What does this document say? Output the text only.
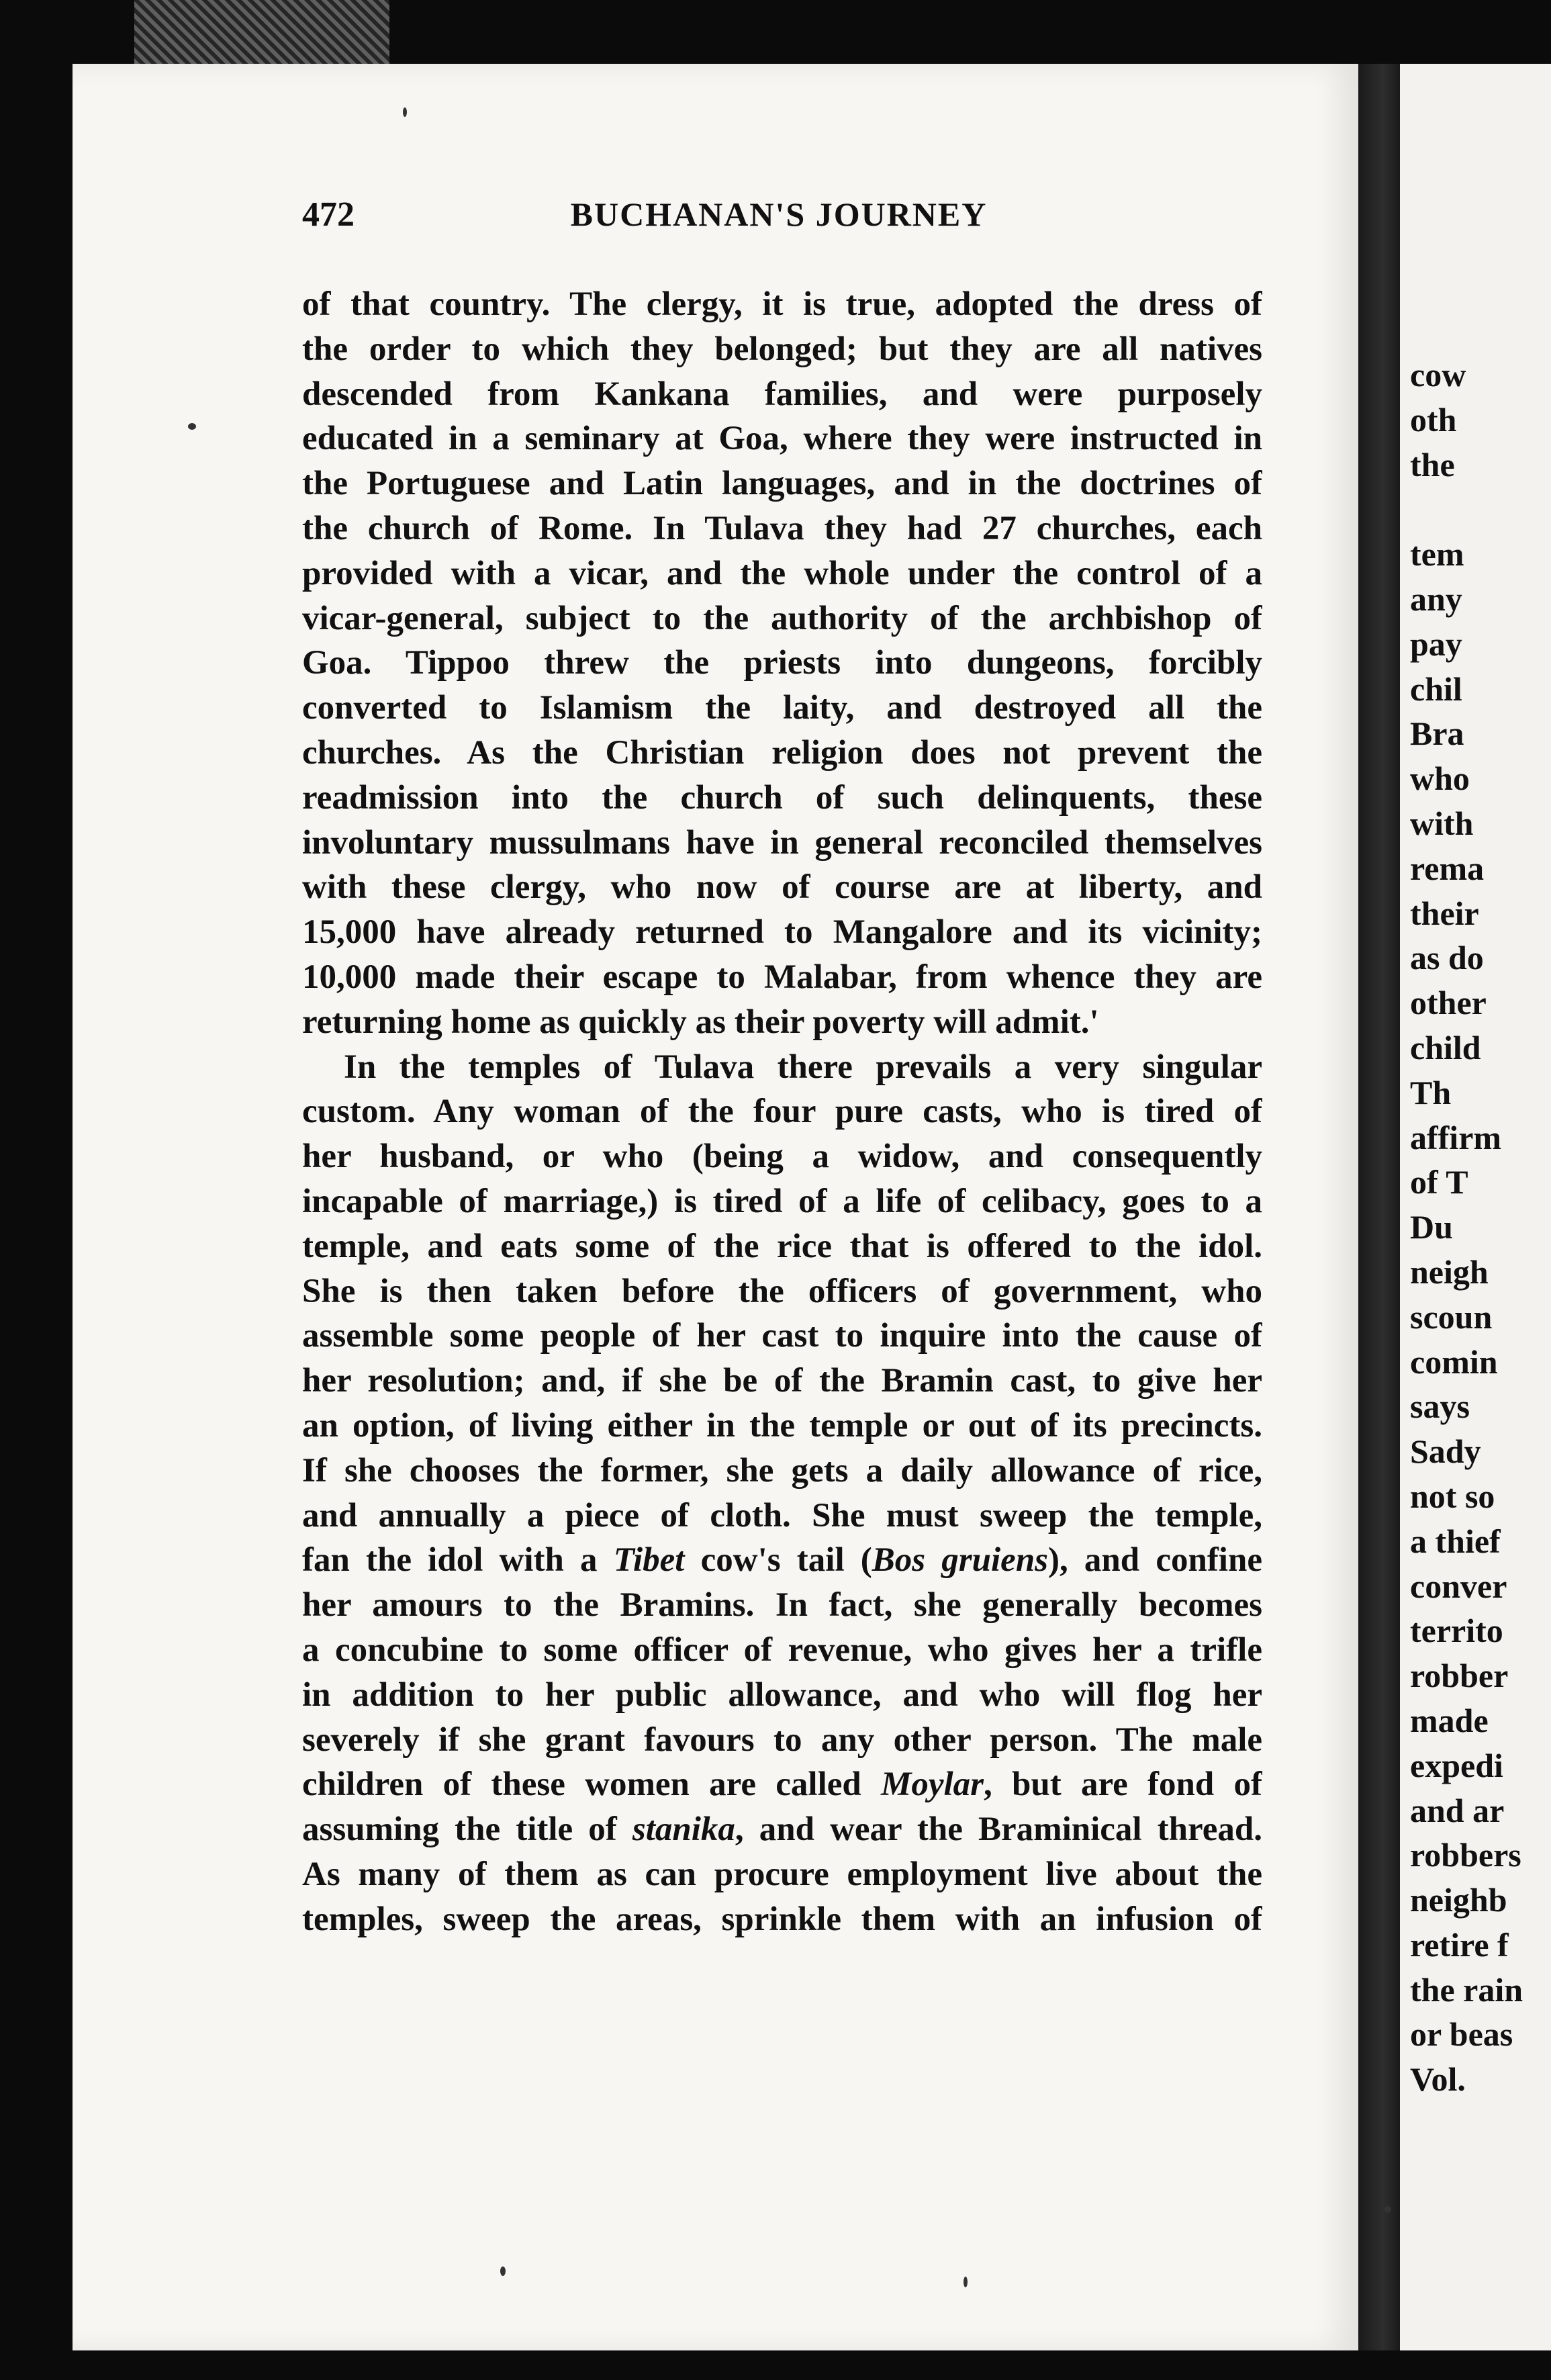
cow
oth
the
tem
any
pay
chil
Bra
who
with
rema
their
as do
other
child
Th
affirm
of T
Du
neigh
scoun
comin
says
Sady
not so
a thief
conver
territo
robber
made
expedi
and ar
robbers
neighb
retire f
the rain
or beas
Vol.
472	BUCHANAN'S JOURNEY
of that country. The clergy, it is true, adopted the dress of
the order to which they belonged; but they are all natives
descended from Kankana families, and were purposely
educated in a seminary at Goa, where they were instructed in
the Portuguese and Latin languages, and in the doctrines of
the church of Rome. In Tulava they had 27 churches, each
provided with a vicar, and the whole under the control of a
vicar-general, subject to the authority of the archbishop of
Goa. Tippoo threw the priests into dungeons, forcibly
converted to Islamism the laity, and destroyed all the
churches. As the Christian religion does not prevent the
readmission into the church of such delinquents, these
involuntary mussulmans have in general reconciled themselves
with these clergy, who now of course are at liberty, and
15,000 have already returned to Mangalore and its vicinity;
10,000 made their escape to Malabar, from whence they are
returning home as quickly as their poverty will admit.'
In the temples of Tulava there prevails a very singular
custom. Any woman of the four pure casts, who is tired of
her husband, or who (being a widow, and consequently
incapable of marriage,) is tired of a life of celibacy, goes to a
temple, and eats some of the rice that is offered to the idol.
She is then taken before the officers of government, who
assemble some people of her cast to inquire into the cause of
her resolution; and, if she be of the Bramin cast, to give her
an option, of living either in the temple or out of its precincts.
If she chooses the former, she gets a daily allowance of rice,
and annually a piece of cloth. She must sweep the temple,
fan the idol with a Tibet cow's tail (Bos gruiens), and confine
her amours to the Bramins. In fact, she generally becomes
a concubine to some officer of revenue, who gives her a trifle
in addition to her public allowance, and who will flog her
severely if she grant favours to any other person. The male
children of these women are called Moylar, but are fond of
assuming the title of stanika, and wear the Braminical thread.
As many of them as can procure employment live about the
temples, sweep the areas, sprinkle them with an infusion of
